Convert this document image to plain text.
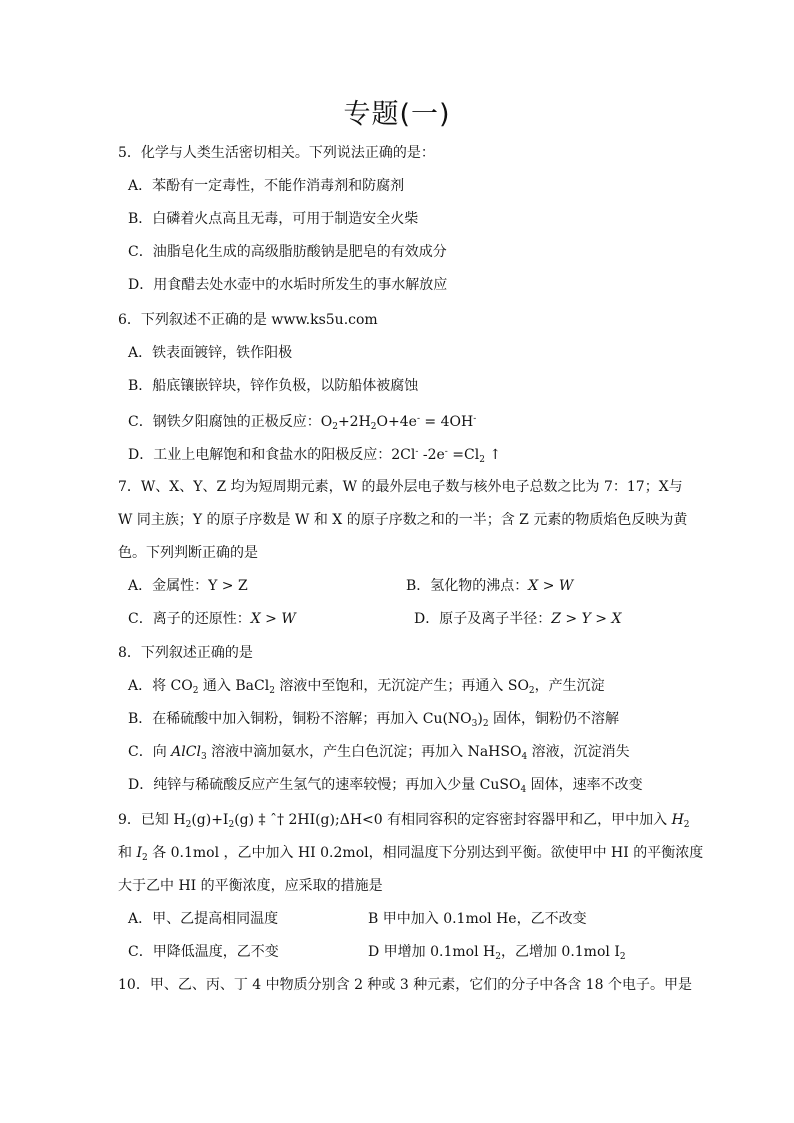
专题(一)
5．化学与人类生活密切相关。下列说法正确的是：
A．苯酚有一定毒性，不能作消毒剂和防腐剂
B．白磷着火点高且无毒，可用于制造安全火柴
C．油脂皂化生成的高级脂肪酸钠是肥皂的有效成分
D．用食醋去处水壶中的水垢时所发生的事水解放应
6．下列叙述不正确的是 www.ks5u.com
A．铁表面镀锌，铁作阳极
B．船底镶嵌锌块，锌作负极，以防船体被腐蚀
C．钢铁夕阳腐蚀的正极反应：$O_2+2H_2O+4e^- = 4OH^-$
D．工业上电解饱和和食盐水的阳极反应：2Cl- $-2e^- =Cl_2$ ↑
7．W、X、Y、Z 均为短周期元素，W 的最外层电子数与核外电子总数之比为 7：17；X与
W 同主族；Y 的原子序数是 W 和 X 的原子序数之和的一半；含 Z 元素的物质焰色反映为黄
色。下列判断正确的是
A．金属性：Y > Z	B．氢化物的沸点：X > W
C．离子的还原性：X > W	D．原子及离子半径：Z > Y > X
8．下列叙述正确的是
A．将 $CO_2$ 通入 BaCl$_2$ 溶液中至饱和，无沉淀产生；再通入 $SO_2$，产生沉淀
B．在稀硫酸中加入铜粉，铜粉不溶解；再加入 $Cu(NO_3)_2$ 固体，铜粉仍不溶解
C．向 AlCl$_3$ 溶液中滴加氨水，产生白色沉淀；再加入 NaHSO$_4$ 溶液，沉淀消失
D．纯锌与稀硫酸反应产生氢气的速率较慢；再加入少量 CuSO$_4$ 固体，速率不改变
9．已知 $H_2(g)+I_2(g)$ ‡ ˆ† 2HI(g);ΔH<0 有相同容积的定容密封容器甲和乙，甲中加入 $H_2$
和 $I_2$ 各 0.1mol ，乙中加入 HI 0.2mol，相同温度下分别达到平衡。欲使甲中 HI 的平衡浓度
大于乙中 HI 的平衡浓度，应采取的措施是
A．甲、乙提高相同温度	B 甲中加入 0.1mol He，乙不改变
C．甲降低温度，乙不变	D 甲增加 0.1mol $H_2$，乙增加 0.1mol $I_2$
10．甲、乙、丙、丁 4 中物质分别含 2 种或 3 种元素，它们的分子中各含 18 个电子。甲是
